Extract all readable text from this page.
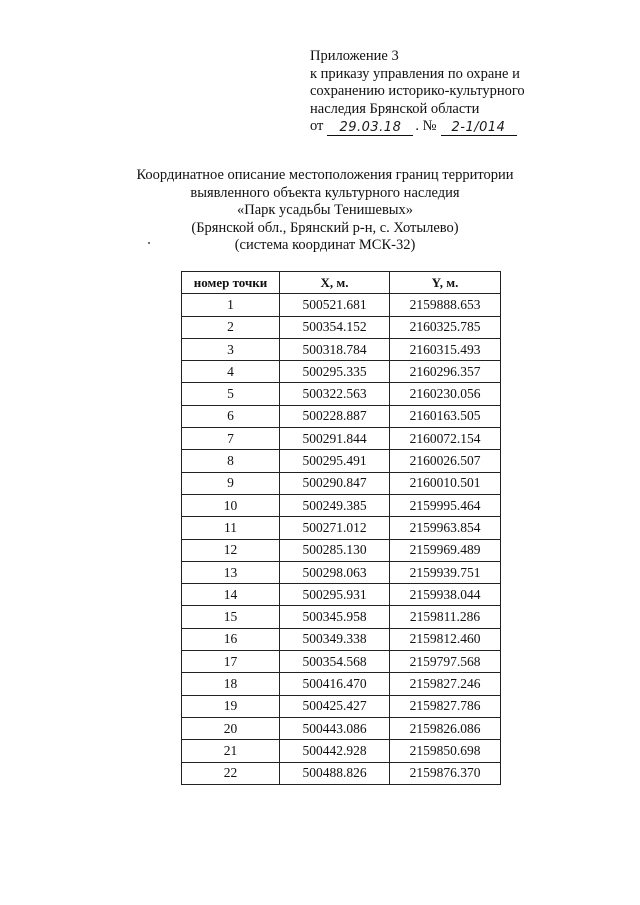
Приложение 3
к приказу управления по охране и
сохранению историко-культурного
наследия Брянской области
от	29.03.18 . №	2-1/014
Координатное описание местоположения границ территории
выявленного объекта культурного наследия
«Парк усадьбы Тенишевых»
(Брянской обл., Брянский р-н, с. Хотылево)
(система координат МСК-32)
номер точки	X, м.	Y, м.
1	500521.681	2159888.653
2	500354.152	2160325.785
3	500318.784	2160315.493
4	500295.335	2160296.357
5	500322.563	2160230.056
6	500228.887	2160163.505
7	500291.844	2160072.154
8	500295.491	2160026.507
9	500290.847	2160010.501
10	500249.385	2159995.464
11	500271.012	2159963.854
12	500285.130	2159969.489
13	500298.063	2159939.751
14	500295.931	2159938.044
15	500345.958	2159811.286
16	500349.338	2159812.460
17	500354.568	2159797.568
18	500416.470	2159827.246
19	500425.427	2159827.786
20	500443.086	2159826.086
21	500442.928	2159850.698
22	500488.826	2159876.370
